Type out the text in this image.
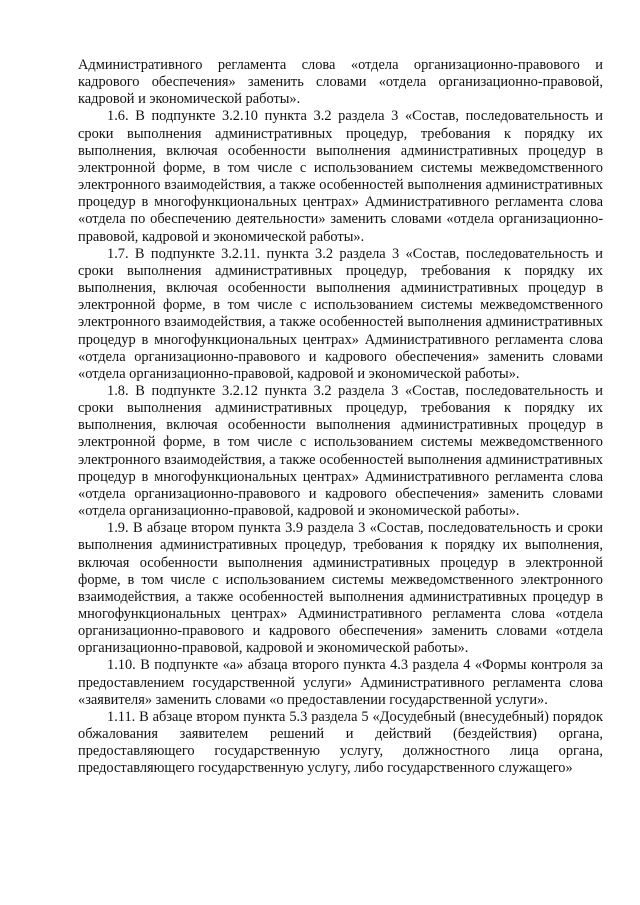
Административного регламента слова «отдела организационно-правового и кадрового обеспечения» заменить словами «отдела организационно-правовой, кадровой и экономической работы».

1.6. В подпункте 3.2.10 пункта 3.2 раздела 3 «Состав, последовательность и сроки выполнения административных процедур, требования к порядку их выполнения, включая особенности выполнения административных процедур в электронной форме, в том числе с использованием системы межведомственного электронного взаимодействия, а также особенностей выполнения административных процедур в многофункциональных центрах» Административного регламента слова «отдела по обеспечению деятельности» заменить словами «отдела организационно-правовой, кадровой и экономической работы».

1.7. В подпункте 3.2.11. пункта 3.2 раздела 3 «Состав, последовательность и сроки выполнения административных процедур, требования к порядку их выполнения, включая особенности выполнения административных процедур в электронной форме, в том числе с использованием системы межведомственного электронного взаимодействия, а также особенностей выполнения административных процедур в многофункциональных центрах» Административного регламента слова «отдела организационно-правового и кадрового обеспечения» заменить словами «отдела организационно-правовой, кадровой и экономической работы».

1.8. В подпункте 3.2.12 пункта 3.2 раздела 3 «Состав, последовательность и сроки выполнения административных процедур, требования к порядку их выполнения, включая особенности выполнения административных процедур в электронной форме, в том числе с использованием системы межведомственного электронного взаимодействия, а также особенностей выполнения административных процедур в многофункциональных центрах» Административного регламента слова «отдела организационно-правового и кадрового обеспечения» заменить словами «отдела организационно-правовой, кадровой и экономической работы».

1.9. В абзаце втором пункта 3.9 раздела 3 «Состав, последовательность и сроки выполнения административных процедур, требования к порядку их выполнения, включая особенности выполнения административных процедур в электронной форме, в том числе с использованием системы межведомственного электронного взаимодействия, а также особенностей выполнения административных процедур в многофункциональных центрах» Административного регламента слова «отдела организационно-правового и кадрового обеспечения» заменить словами «отдела организационно-правовой, кадровой и экономической работы».

1.10. В подпункте «а» абзаца второго пункта 4.3 раздела 4 «Формы контроля за предоставлением государственной услуги» Административного регламента слова «заявителя» заменить словами «о предоставлении государственной услуги».

1.11. В абзаце втором пункта 5.3 раздела 5 «Досудебный (внесудебный) порядок обжалования заявителем решений и действий (бездействия) органа, предоставляющего государственную услугу, должностного лица органа, предоставляющего государственную услугу, либо государственного служащего»
